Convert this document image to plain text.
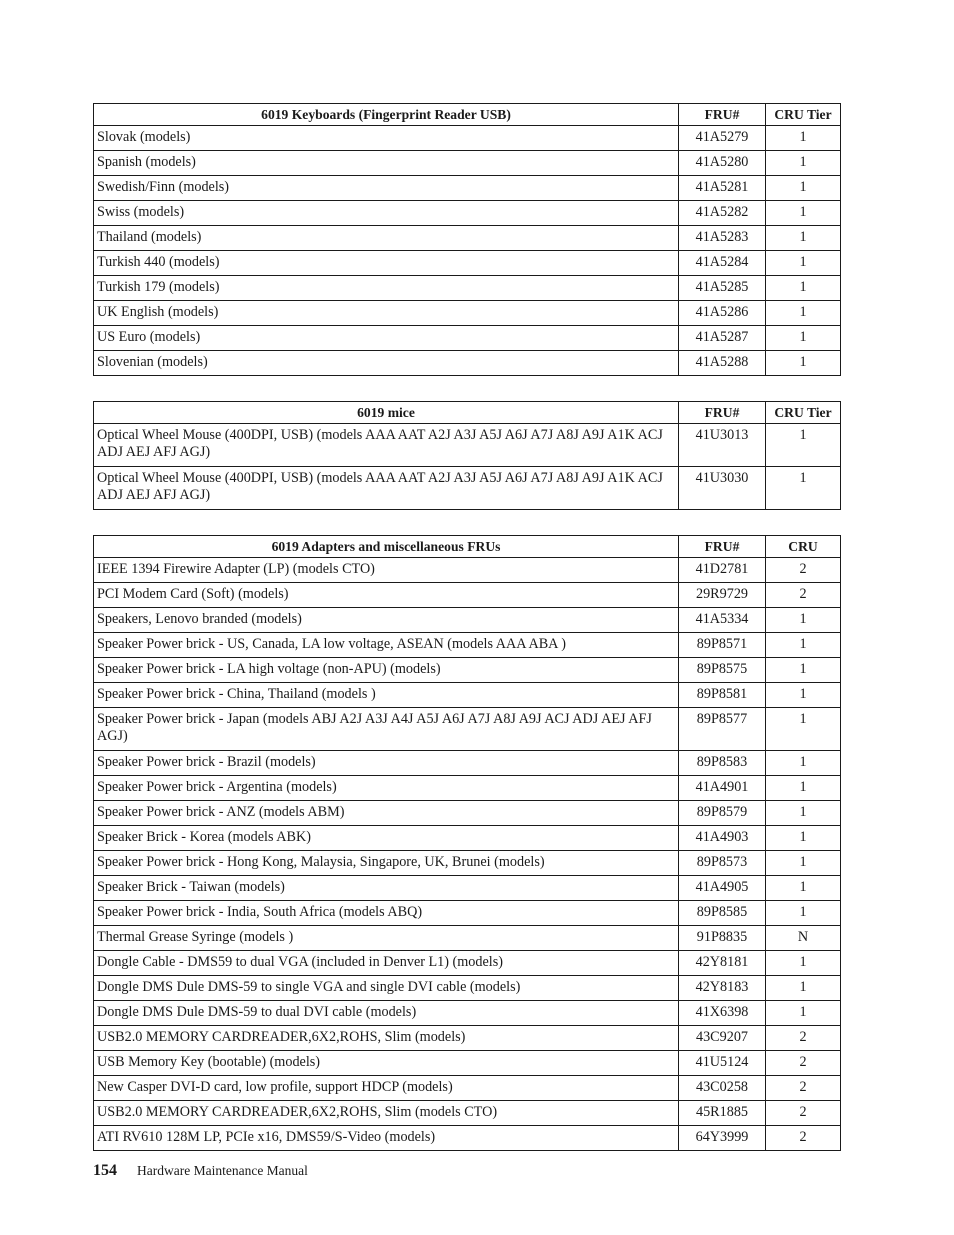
6019 Keyboards (Fingerprint Reader USB)	FRU#	CRU Tier
Slovak (models)	41A5279	1
Spanish (models)	41A5280	1
Swedish/Finn (models)	41A5281	1
Swiss (models)	41A5282	1
Thailand (models)	41A5283	1
Turkish 440 (models)	41A5284	1
Turkish 179 (models)	41A5285	1
UK English (models)	41A5286	1
US Euro (models)	41A5287	1
Slovenian (models)	41A5288	1
6019 mice	FRU#	CRU Tier
Optical Wheel Mouse (400DPI, USB) (models AAA AAT A2J A3J A5J A6J A7J A8J A9J A1K ACJ ADJ AEJ AFJ AGJ)	41U3013	1
Optical Wheel Mouse (400DPI, USB) (models AAA AAT A2J A3J A5J A6J A7J A8J A9J A1K ACJ ADJ AEJ AFJ AGJ)	41U3030	1
6019 Adapters and miscellaneous FRUs	FRU#	CRU
IEEE 1394 Firewire Adapter (LP) (models CTO)	41D2781	2
PCI Modem Card (Soft) (models)	29R9729	2
Speakers, Lenovo branded (models)	41A5334	1
Speaker Power brick - US, Canada, LA low voltage, ASEAN (models AAA ABA )	89P8571	1
Speaker Power brick - LA high voltage (non-APU) (models)	89P8575	1
Speaker Power brick - China, Thailand (models )	89P8581	1
Speaker Power brick - Japan (models ABJ A2J A3J A4J A5J A6J A7J A8J A9J ACJ ADJ AEJ AFJ AGJ)	89P8577	1
Speaker Power brick - Brazil (models)	89P8583	1
Speaker Power brick - Argentina (models)	41A4901	1
Speaker Power brick - ANZ (models ABM)	89P8579	1
Speaker Brick - Korea (models ABK)	41A4903	1
Speaker Power brick - Hong Kong, Malaysia, Singapore, UK, Brunei (models)	89P8573	1
Speaker Brick - Taiwan (models)	41A4905	1
Speaker Power brick - India, South Africa (models ABQ)	89P8585	1
Thermal Grease Syringe (models )	91P8835	N
Dongle Cable - DMS59 to dual VGA (included in Denver L1) (models)	42Y8181	1
Dongle DMS Dule DMS-59 to single VGA and single DVI cable (models)	42Y8183	1
Dongle DMS Dule DMS-59 to dual DVI cable (models)	41X6398	1
USB2.0 MEMORY CARDREADER,6X2,ROHS, Slim (models)	43C9207	2
USB Memory Key (bootable) (models)	41U5124	2
New Casper DVI-D card, low profile, support HDCP (models)	43C0258	2
USB2.0 MEMORY CARDREADER,6X2,ROHS, Slim (models CTO)	45R1885	2
ATI RV610 128M LP, PCIe x16, DMS59/S-Video (models)	64Y3999	2
154 Hardware Maintenance Manual
